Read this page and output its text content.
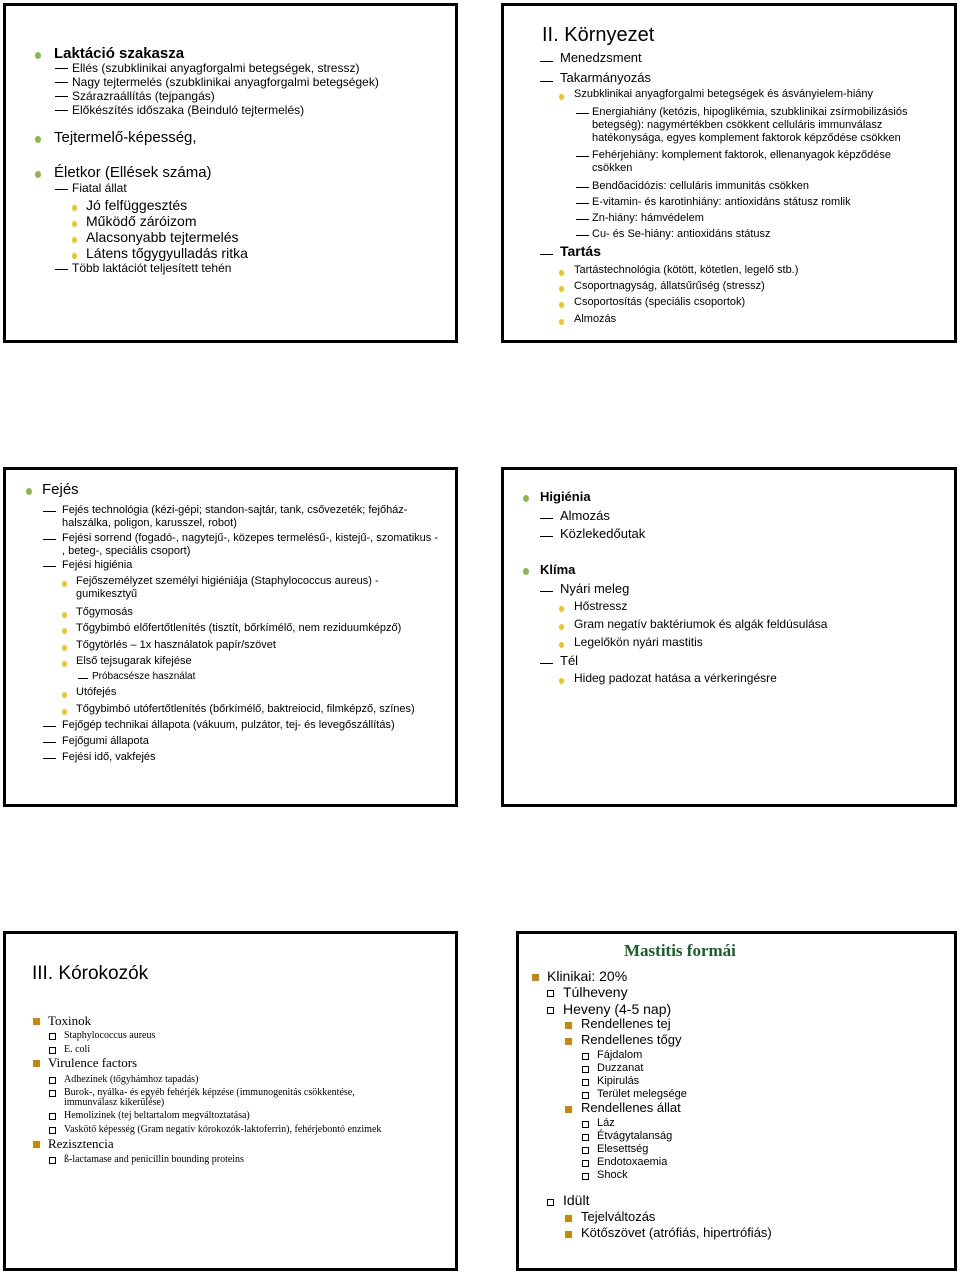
Laktáció szakasza
Ellés (szubklinikai anyagforgalmi betegségek, stressz)
Nagy tejtermelés (szubklinikai anyagforgalmi betegségek)
Szárazraállítás (tejpangás)
Előkészítés időszaka (Beinduló tejtermelés)
Tejtermelő-képesség,
Életkor (Ellések száma)
Fiatal állat
Jó felfüggesztés
Működő záróizom
Alacsonyabb tejtermelés
Látens tőgygyulladás ritka
Több laktációt teljesített tehén
II. Környezet
Menedzsment
Takarmányozás
Szubklinikai anyagforgalmi betegségek és ásványielem-hiány
Energiahiány (ketózis, hipoglikémia, szubklinikai zsírmobilizásiós
betegség): nagymértékben csökkent celluláris immunválasz
hatékonysága, egyes komplement faktorok képződése csökken
Fehérjehiány: komplement faktorok, ellenanyagok képződése
csökken
Bendőacidózis: celluláris immunitás csökken
E-vitamin- és karotinhiány: antioxidáns státusz romlik
Zn-hiány: hámvédelem
Cu- és Se-hiány: antioxidáns státusz
Tartás
Tartástechnológia (kötött, kötetlen, legelő stb.)
Csoportnagyság, állatsűrűség (stressz)
Csoportosítás (speciális csoportok)
Almozás
Fejés
Fejés technológia (kézi-gépi; standon-sajtár, tank, csővezeték; fejőház-
halszálka, poligon, karusszel, robot)
Fejési sorrend (fogadó-, nagytejű-, közepes termelésű-, kistejű-, szomatikus -
, beteg-, speciális csoport)
Fejési higiénia
Fejőszemélyzet személyi higiéniája (Staphylococcus aureus) -
gumikesztyű
Tőgymosás
Tőgybimbó előfertőtlenítés (tisztít, bőrkímélő, nem reziduumképző)
Tőgytörlés – 1x használatok papír/szövet
Első tejsugarak kifejése
Próbacsésze használat
Utófejés
Tőgybimbó utófertőtlenítés (bőrkímélő, baktreiocid, filmképző, színes)
Fejőgép technikai állapota (vákuum, pulzátor, tej- és levegőszállítás)
Fejőgumi állapota
Fejési idő, vakfejés
Higiénia
Almozás
Közlekedőutak
Klíma
Nyári meleg
Hőstressz
Gram negatív baktériumok és algák feldúsulása
Legelőkön nyári mastitis
Tél
Hideg padozat hatása a vérkeringésre
III. Kórokozók
Toxinok
Staphylococcus aureus
E. coli
Virulence factors
Adhezinek (tőgyhámhoz tapadás)
Burok-, nyálka- és egyéb fehérjék képzése (immunogenitás csökkentése,
immunválasz kikerülése)
Hemolizinek (tej beltartalom megváltoztatása)
Vaskötő képesség (Gram negatív kórokozók-laktoferrin), fehérjebontó enzimek
Rezisztencia
ß-lactamase and penicillin bounding proteins
Mastitis formái
Klinikai: 20%
Túlheveny
Heveny (4-5 nap)
Rendellenes tej
Rendellenes tőgy
Fájdalom
Duzzanat
Kipirulás
Terület melegsége
Rendellenes állat
Láz
Étvágytalanság
Elesettség
Endotoxaemia
Shock
Idült
Tejelváltozás
Kötőszövet (atrófiás, hipertrófiás)
